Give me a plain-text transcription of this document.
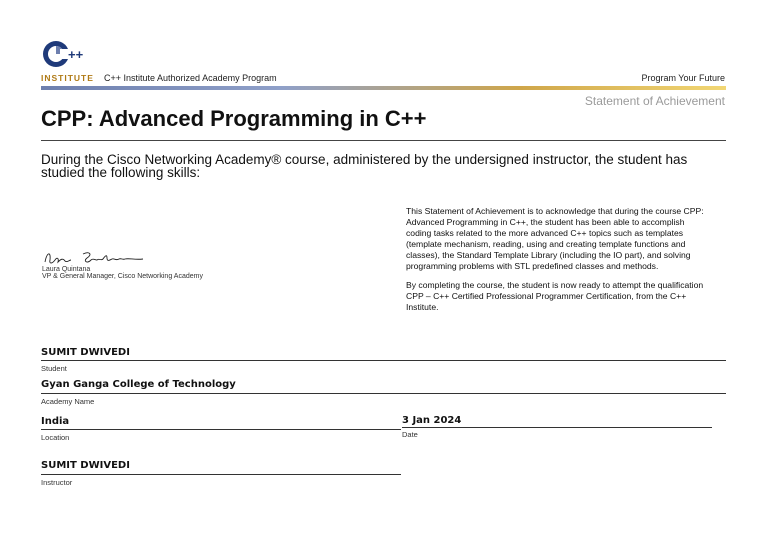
++
INSTITUTE C++ Institute Authorized Academy Program	Program Your Future
Statement of Achievement
CPP: Advanced Programming in C++
During the Cisco Networking Academy® course, administered by the undersigned instructor, the student has studied the following skills:

This Statement of Achievement is to acknowledge that during the course CPP: Advanced Programming in C++, the student has been able to accomplish coding tasks related to the more advanced C++ topics such as templates (template mechanism, reading, using and creating template functions and classes), the Standard Template Library (including the IO part), and solving programming problems with STL predefined classes and methods.

By completing the course, the student is now ready to attempt the qualification CPP – C++ Certified Professional Programmer Certification, from the C++ Institute.

Laura Quintana
VP & General Manager, Cisco Networking Academy
SUMIT DWIVEDI
Student
Gyan Ganga College of Technology
Academy Name
India
Location
3 Jan 2024
Date
SUMIT DWIVEDI
Instructor
